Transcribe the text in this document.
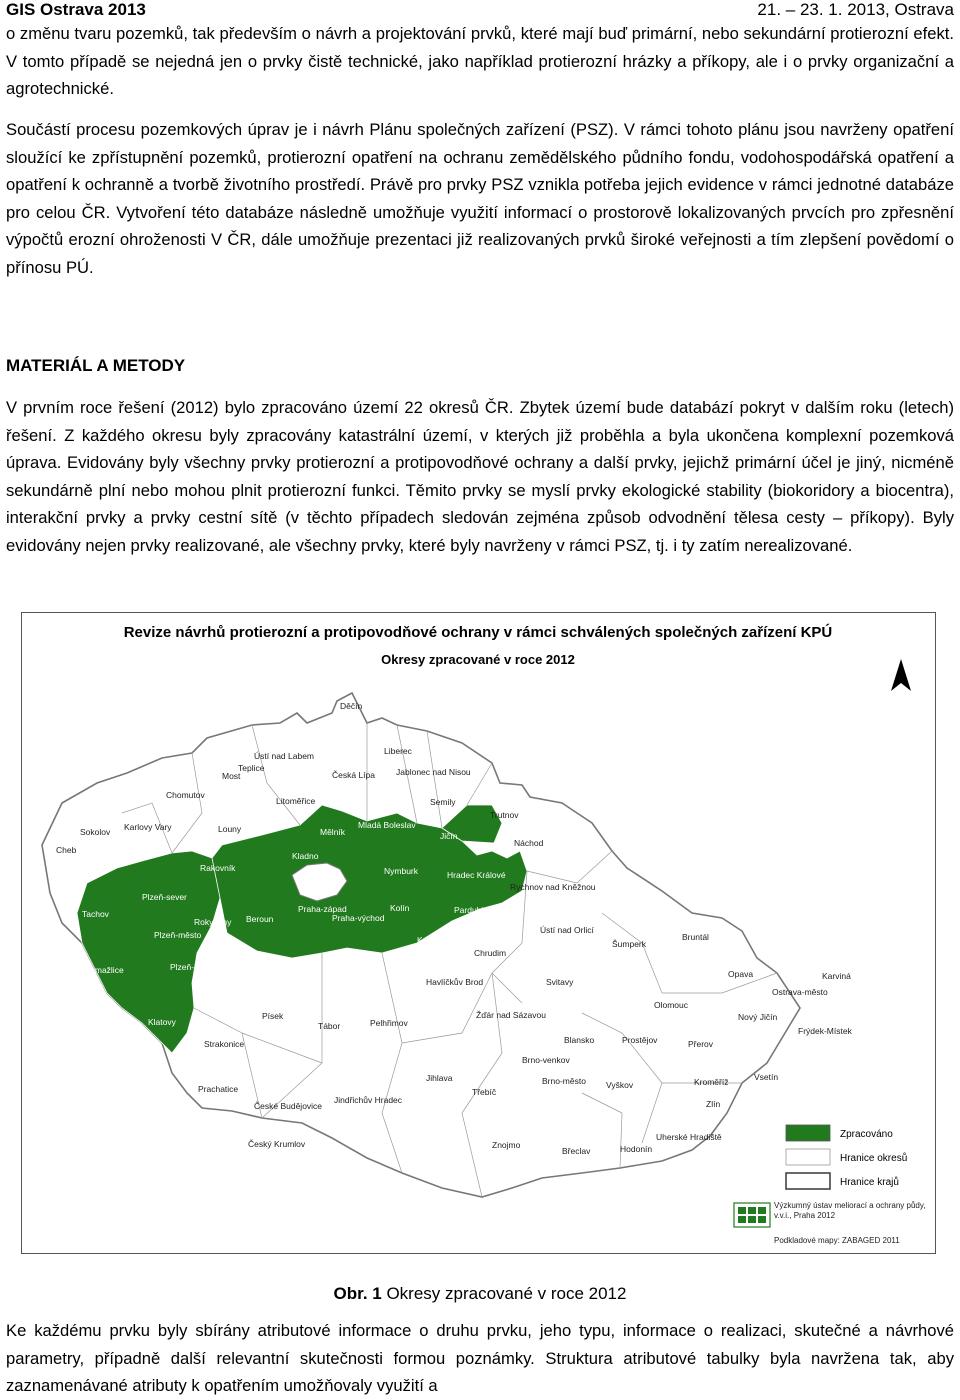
GIS Ostrava 2013	21. – 23. 1. 2013, Ostrava

o změnu tvaru pozemků, tak především o návrh a projektování prvků, které mají buď primární, nebo sekundární protierozní efekt. V tomto případě se nejedná jen o prvky čistě technické, jako například protierozní hrázky a příkopy, ale i o prvky organizační a agrotechnické.

Součástí procesu pozemkových úprav je i návrh Plánu společných zařízení (PSZ). V rámci tohoto plánu jsou navrženy opatření sloužící ke zpřístupnění pozemků, protierozní opatření na ochranu zemědělského půdního fondu, vodohospodářská opatření a opatření k ochranně a tvorbě životního prostředí. Právě pro prvky PSZ vznikla potřeba jejich evidence v rámci jednotné databáze pro celou ČR. Vytvoření této databáze následně umožňuje využití informací o prostorově lokalizovaných prvcích pro zpřesnění výpočtů erozní ohroženosti V ČR, dále umožňuje prezentaci již realizovaných prvků široké veřejnosti a tím zlepšení povědomí o přínosu PÚ.

MATERIÁL A METODY

V prvním roce řešení (2012) bylo zpracováno území 22 okresů ČR. Zbytek území bude databází pokryt v dalším roku (letech) řešení. Z každého okresu byly zpracovány katastrální území, v kterých již proběhla a byla ukončena komplexní pozemková úprava. Evidovány byly všechny prvky protierozní a protipovodňové ochrany a další prvky, jejichž primární účel je jiný, nicméně sekundárně plní nebo mohou plnit protierozní funkci. Těmito prvky se myslí prvky ekologické stability (biokoridory a biocentra), interakční prvky a prvky cestní sítě (v těchto případech sledován zejména způsob odvodnění tělesa cesty – příkopy). Byly evidovány nejen prvky realizované, ale všechny prvky, které byly navrženy v rámci PSZ, tj. i ty zatím nerealizované.

Revize návrhů protierozní a protipovodňové ochrany v rámci schválených společných zařízení KPÚ
Okresy zpracované v roce 2012
Tachov
Plzeň-sever
Rokycany
Plzeň-město
Domažlice	Plzeň-jih
Klatovy
Mělník
Mladá Boleslav
Kladno
Nymburk
Praha-západ
Praha-východ
Beroun
Kolín
Příbram	Benešov
Kutná Hora
Hradec Králové
Pardubice
Rakovník
Jičín
Děčín
Ústí nad Labem	Liberec
Teplice
Česká Lípa Jablonec nad Nisou
Most
Chomutov
Semily
Litoměřice
Trutnov
Karlovy Vary
Sokolov	Louny
Náchod
Cheb
Rychnov nad Kněžnou
Ústí nad Orlicí
Bruntál
Šumperk
Chrudim
Opava	Karviná
Ostrava-město
Havlíčkův Brod	Svitavy
Olomouc
Nový Jičín
Frýdek-Místek
Písek
Tábor
Žďár nad Sázavou
Strakonice
Pelhřimov
Blansko	Prostějov	Přerov
Brno-venkov
Vsetín
Prachatice
Jihlava	Brno-město Vyškov	Kroměříž
České Budějovice
Třebíč
Zlín
Jindřichův Hradec
Uherské Hradiště
Český Krumlov	Znojmo
Břeclav	Hodonín
Zpracováno
Hranice okresů
Hranice krajů
Výzkumný ústav meliorací a ochrany půdy, v.v.i., Praha 2012
Podkladové mapy: ZABAGED 2011
Obr. 1 Okresy zpracované v roce 2012

Ke každému prvku byly sbírány atributové informace o druhu prvku, jeho typu, informace o realizaci, skutečné a návrhové parametry, případně další relevantní skutečnosti formou poznámky. Struktura atributové tabulky byla navržena tak, aby zaznamenávané atributy k opatřením umožňovaly využití a
